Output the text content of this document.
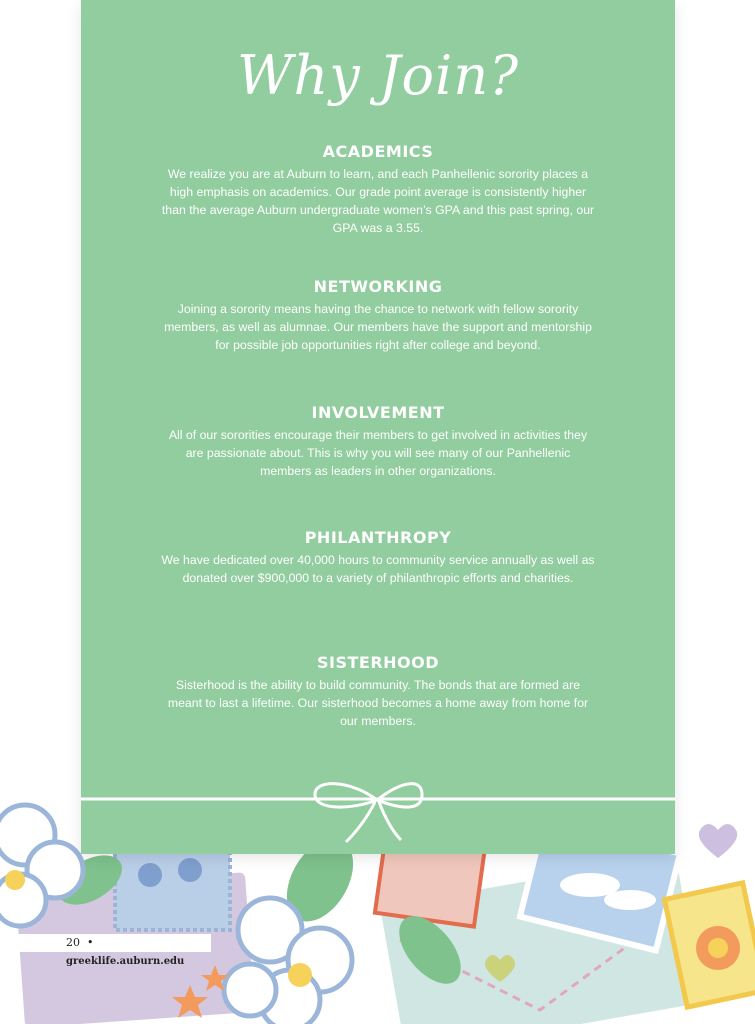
Why Join?
ACADEMICS

We realize you are at Auburn to learn, and each Panhellenic sorority places a high emphasis on academics. Our grade point average is consistently higher than the average Auburn undergraduate women’s GPA and this past spring, our GPA was a 3.55.

NETWORKING

Joining a sorority means having the chance to network with fellow sorority members, as well as alumnae. Our members have the support and mentorship for possible job opportunities right after college and beyond.

INVOLVEMENT

All of our sororities encourage their members to get involved in activities they are passionate about. This is why you will see many of our Panhellenic members as leaders in other organizations.

PHILANTHROPY

We have dedicated over 40,000 hours to community service annually as well as donated over $900,000 to a variety of philanthropic efforts and charities.

SISTERHOOD

Sisterhood is the ability to build community. The bonds that are formed are meant to last a lifetime. Our sisterhood becomes a home away from home for our members.

20 •  greeklife.auburn.edu
